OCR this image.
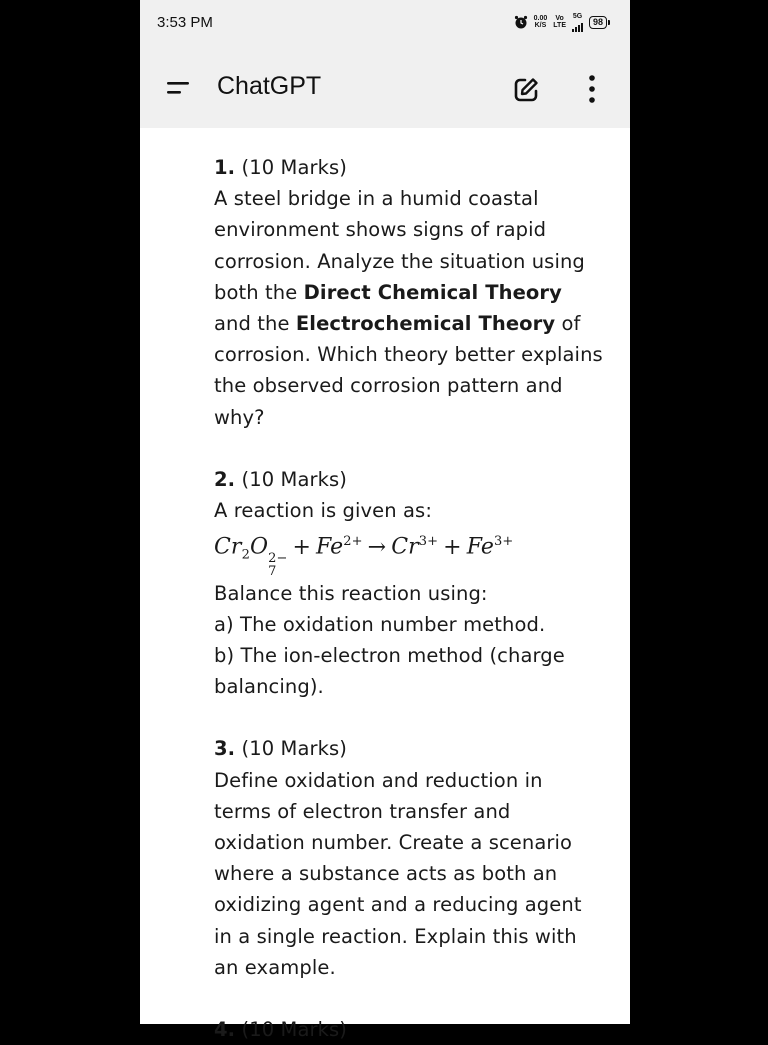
3:53 PM	0.00
K/S
Vo
LTE
5G
98
ChatGPT

1. (10 Marks)

A steel bridge in a humid coastal environment shows signs of rapid corrosion. Analyze the situation using both the Direct Chemical Theory and the Electrochemical Theory of corrosion. Which theory better explains the observed corrosion pattern and why?

2. (10 Marks)

A reaction is given as:

$Cr_2O$ 2−
7
+ $Fe^{2+} \to Cr^{3+} + Fe^{3+}$

Balance this reaction using:

a) The oxidation number method.

b) The ion-electron method (charge balancing).

3. (10 Marks)

Define oxidation and reduction in terms of electron transfer and oxidation number. Create a scenario where a substance acts as both an oxidizing agent and a reducing agent in a single reaction. Explain this with an example.

4. (10 Marks)
